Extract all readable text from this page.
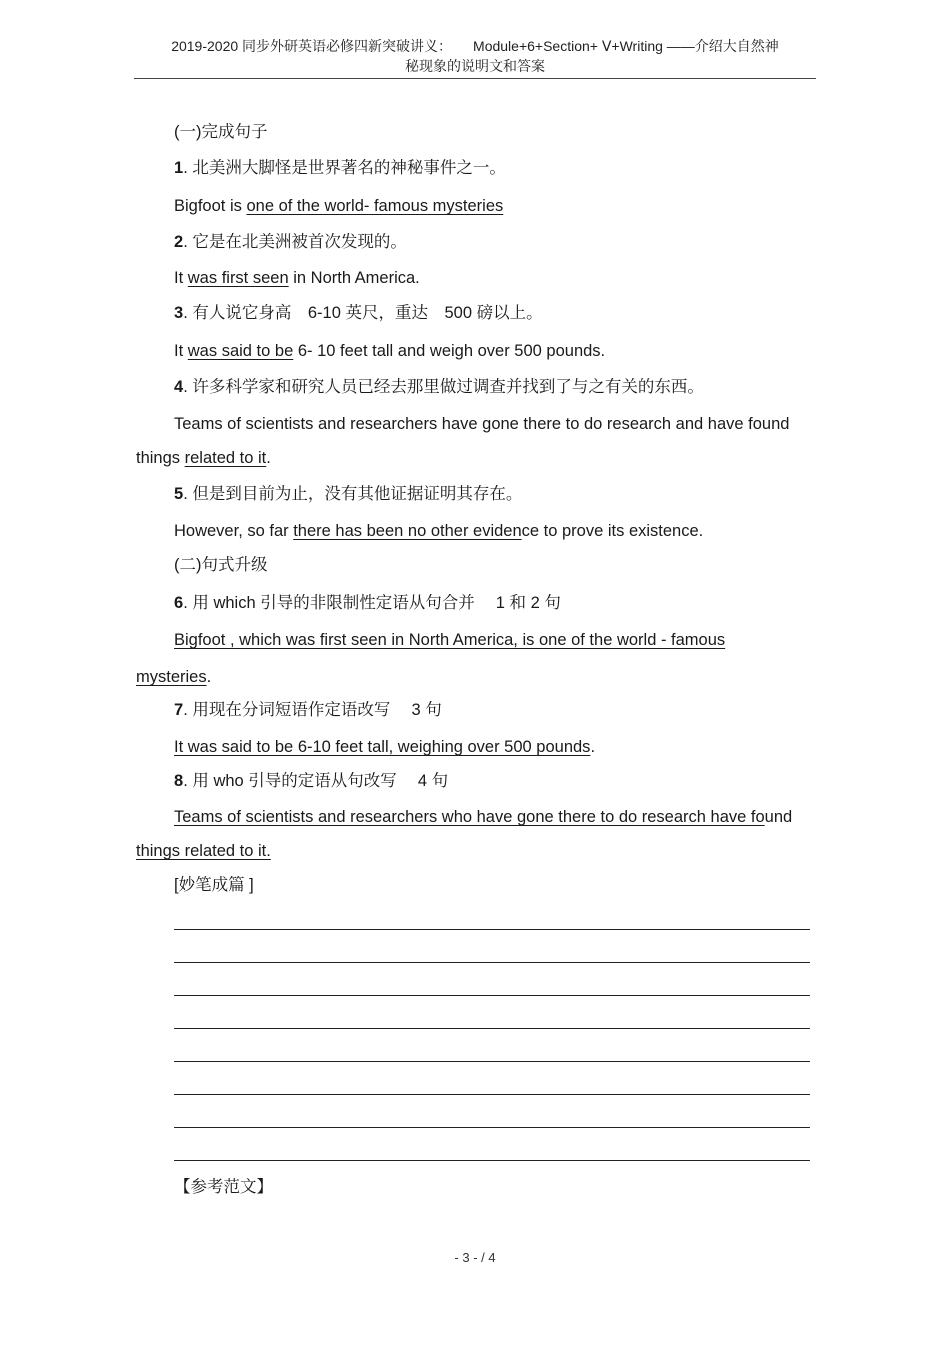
2019-2020 同步外研英语必修四新突破讲义：　　Module+6+Section+ Ⅴ+Writing ——介绍大自然神
秘现象的说明文和答案
(一)完成句子
1. 北美洲大脚怪是世界著名的神秘事件之一。
Bigfoot is one of the world- famous mysteries
2. 它是在北美洲被首次发现的。
It was first seen in North America.
3. 有人说它身高　6-10 英尺，重达　500 磅以上。
It was said to be 6- 10 feet tall and weigh over 500 pounds.
4. 许多科学家和研究人员已经去那里做过调查并找到了与之有关的东西。
Teams of scientists and researchers have gone there to do research and have found
things related to it.
5. 但是到目前为止，没有其他证据证明其存在。
However, so far there has been no other evidence to prove its existence.
(二)句式升级
6. 用 which 引导的非限制性定语从句合并　 1 和 2 句
Bigfoot , which was first seen in North America, is one of the world - famous
mysteries.
7. 用现在分词短语作定语改写　 3 句
It was said to be 6-10 feet tall, weighing over 500 pounds.
8. 用 who 引导的定语从句改写　 4 句
Teams of scientists and researchers who have gone there to do research have found
things related to it.
[妙笔成篇 ]
【参考范文】
- 3 - / 4
